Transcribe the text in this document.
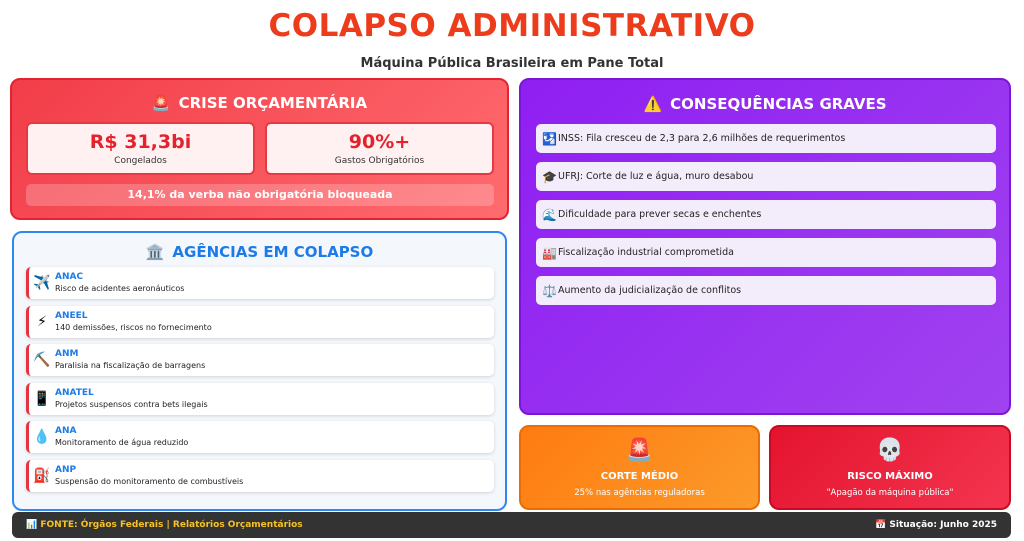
COLAPSO ADMINISTRATIVO
Máquina Pública Brasileira em Pane Total
🚨 CRISE ORÇAMENTÁRIA
R$ 31,3bi
Congelados
90%+
Gastos Obrigatórios
14,1% da verba não obrigatória bloqueada
🏛️ AGÊNCIAS EM COLAPSO
✈️ ANAC
Risco de acidentes aeronáuticos
⚡ ANEEL
140 demissões, riscos no fornecimento
⛏️ ANM
Paralisia na fiscalização de barragens
📱 ANATEL
Projetos suspensos contra bets ilegais
💧 ANA
Monitoramento de água reduzido
⛽ ANP
Suspensão do monitoramento de combustíveis
⚠️ CONSEQUÊNCIAS GRAVES
🛂 INSS: Fila cresceu de 2,3 para 2,6 milhões de requerimentos
🎓 UFRJ: Corte de luz e água, muro desabou
🌊 Dificuldade para prever secas e enchentes
🏭 Fiscalização industrial comprometida
⚖️ Aumento da judicialização de conflitos
🚨
CORTE MÉDIO
25% nas agências reguladoras
💀
RISCO MÁXIMO
"Apagão da máquina pública"
📊 FONTE: Órgãos Federais | Relatórios Orçamentários	📅 Situação: Junho 2025
